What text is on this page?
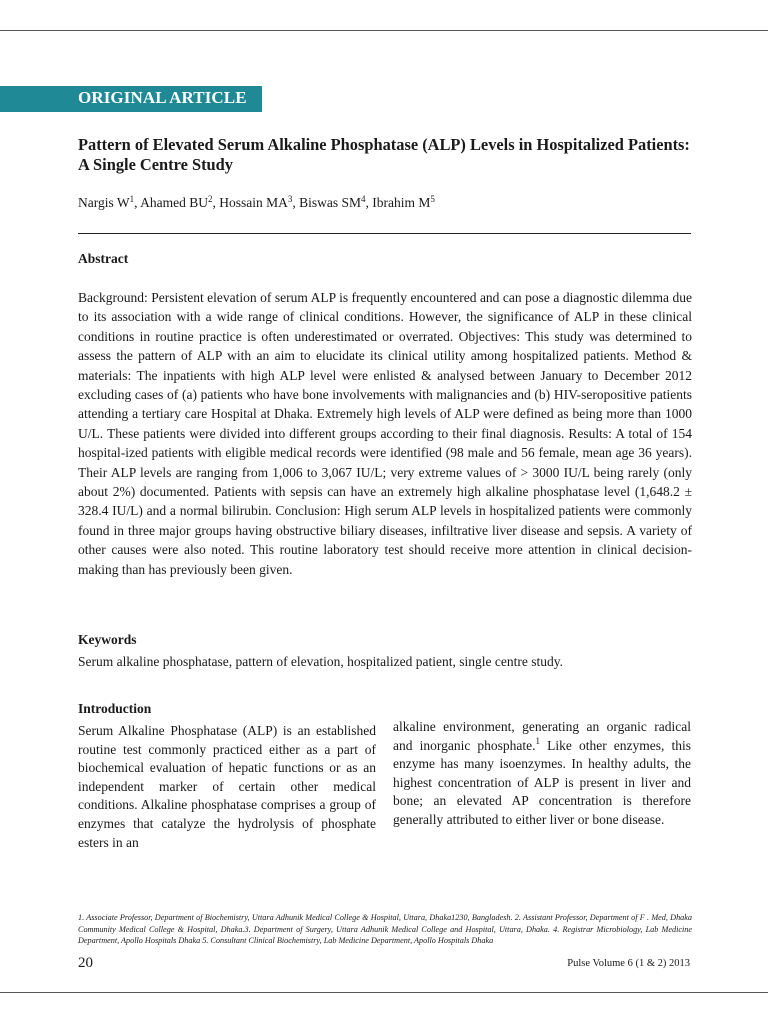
ORIGINAL ARTICLE
Pattern of Elevated Serum Alkaline Phosphatase (ALP) Levels in Hospitalized Patients: A Single Centre Study
Nargis $W^1$, Ahamed $BU^2$, Hossain $MA^3$, Biswas $SM^4$, Ibrahim $M^5$
Abstract

Background: Persistent elevation of serum ALP is frequently encountered and can pose a diagnostic dilemma due to its association with a wide range of clinical conditions. However, the significance of ALP in these clinical conditions in routine practice is often underestimated or overrated. Objectives: This study was determined to assess the pattern of ALP with an aim to elucidate its clinical utility among hospitalized patients. Method & materials: The inpatients with high ALP level were enlisted & analysed between January to December 2012 excluding cases of (a) patients who have bone involvements with malignancies and (b) HIV-seropositive patients attending a tertiary care Hospital at Dhaka. Extremely high levels of ALP were defined as being more than 1000 U/L. These patients were divided into different groups according to their final diagnosis. Results: A total of 154 hospital-ized patients with eligible medical records were identified (98 male and 56 female, mean age 36 years). Their ALP levels are ranging from 1,006 to 3,067 IU/L; very extreme values of > 3000 IU/L being rarely (only about 2%) documented. Patients with sepsis can have an extremely high alkaline phosphatase level (1,648.2 ± 328.4 IU/L) and a normal bilirubin. Conclusion: High serum ALP levels in hospitalized patients were commonly found in three major groups having obstructive biliary diseases, infiltrative liver disease and sepsis. A variety of other causes were also noted. This routine laboratory test should receive more attention in clinical decision-making than has previously been given.

Keywords

Serum alkaline phosphatase, pattern of elevation, hospitalized patient, single centre study.

Introduction

Serum Alkaline Phosphatase (ALP) is an established routine test commonly practiced either as a part of biochemical evaluation of hepatic functions or as an independent marker of certain other medical conditions. Alkaline phosphatase comprises a group of enzymes that catalyze the hydrolysis of phosphate esters in an

alkaline environment, generating an organic radical and inorganic phosphate.$^1$ Like other enzymes, this enzyme has many isoenzymes. In healthy adults, the highest concentration of ALP is present in liver and bone; an elevated AP concentration is therefore generally attributed to either liver or bone disease.

1. Associate Professor, Department of Biochemistry, Uttara Adhunik Medical College & Hospital, Uttara, Dhaka1230, Bangladesh. 2. Assistant Professor, Department of F . Med, Dhaka Community Medical College & Hospital, Dhaka.3. Department of Surgery, Uttara Adhunik Medical College and Hospital, Uttara, Dhaka. 4. Registrar Microbiology, Lab Medicine Department, Apollo Hospitals Dhaka 5. Consultant Clinical Biochemistry, Lab Medicine Department, Apollo Hospitals Dhaka

20	Pulse Volume 6 (1 & 2) 2013
